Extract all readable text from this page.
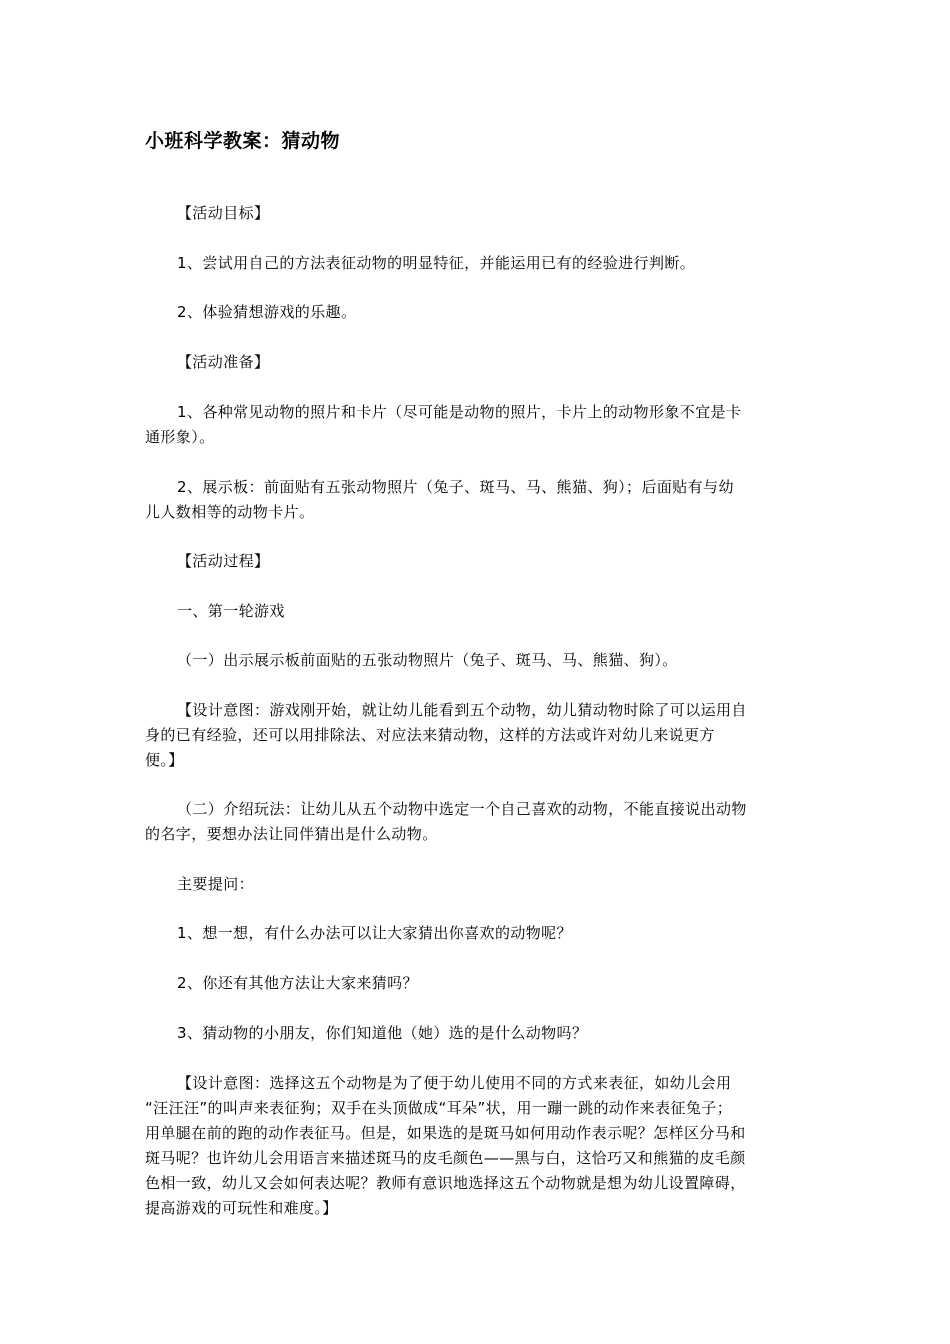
小班科学教案：猜动物

【活动目标】

1、尝试用自己的方法表征动物的明显特征，并能运用已有的经验进行判断。

2、体验猜想游戏的乐趣。

【活动准备】

1、各种常见动物的照片和卡片（尽可能是动物的照片，卡片上的动物形象不宜是卡
通形象）。

2、展示板：前面贴有五张动物照片（兔子、斑马、马、熊猫、狗）；后面贴有与幼
儿人数相等的动物卡片。

【活动过程】

一、第一轮游戏

（一）出示展示板前面贴的五张动物照片（兔子、斑马、马、熊猫、狗）。

【设计意图：游戏刚开始，就让幼儿能看到五个动物，幼儿猜动物时除了可以运用自
身的已有经验，还可以用排除法、对应法来猜动物，这样的方法或许对幼儿来说更方
便。】

（二）介绍玩法：让幼儿从五个动物中选定一个自己喜欢的动物，不能直接说出动物
的名字，要想办法让同伴猜出是什么动物。

主要提问：

1、想一想，有什么办法可以让大家猜出你喜欢的动物呢？

2、你还有其他方法让大家来猜吗？

3、猜动物的小朋友，你们知道他（她）选的是什么动物吗？

【设计意图：选择这五个动物是为了便于幼儿使用不同的方式来表征，如幼儿会用
“汪汪汪”的叫声来表征狗；双手在头顶做成“耳朵”状，用一蹦一跳的动作来表征兔子；
用单腿在前的跑的动作表征马。但是，如果选的是斑马如何用动作表示呢？怎样区分马和
斑马呢？也许幼儿会用语言来描述斑马的皮毛颜色——黑与白，这恰巧又和熊猫的皮毛颜
色相一致，幼儿又会如何表达呢？教师有意识地选择这五个动物就是想为幼儿设置障碍，
提高游戏的可玩性和难度。】
